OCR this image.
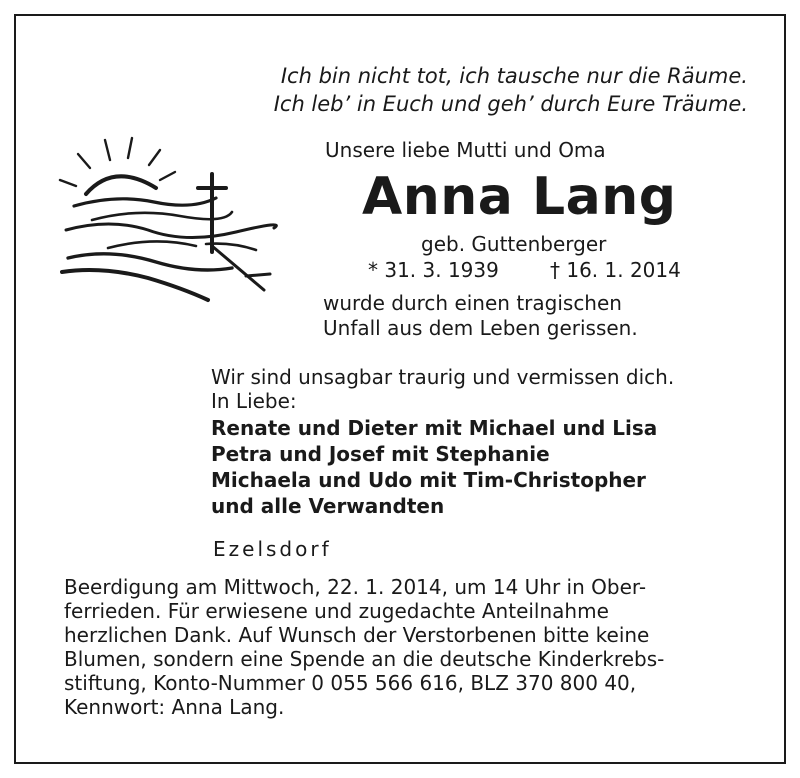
Ich bin nicht tot, ich tausche nur die Räume.
Ich leb’ in Euch und geh’ durch Eure Träume.
Unsere liebe Mutti und Oma
Anna Lang
geb. Guttenberger
* 31. 3. 1939	† 16. 1. 2014
wurde durch einen tragischen
Unfall aus dem Leben gerissen.
Wir sind unsagbar traurig und vermissen dich.
In Liebe:
Renate und Dieter mit Michael und Lisa
Petra und Josef mit Stephanie
Michaela und Udo mit Tim-Christopher
und alle Verwandten
Ezelsdorf
Beerdigung am Mittwoch, 22. 1. 2014, um 14 Uhr in Ober-
ferrieden. Für erwiesene und zugedachte Anteilnahme
herzlichen Dank. Auf Wunsch der Verstorbenen bitte keine
Blumen, sondern eine Spende an die deutsche Kinderkrebs-
stiftung, Konto-Nummer 0 055 566 616, BLZ 370 800 40,
Kennwort: Anna Lang.
